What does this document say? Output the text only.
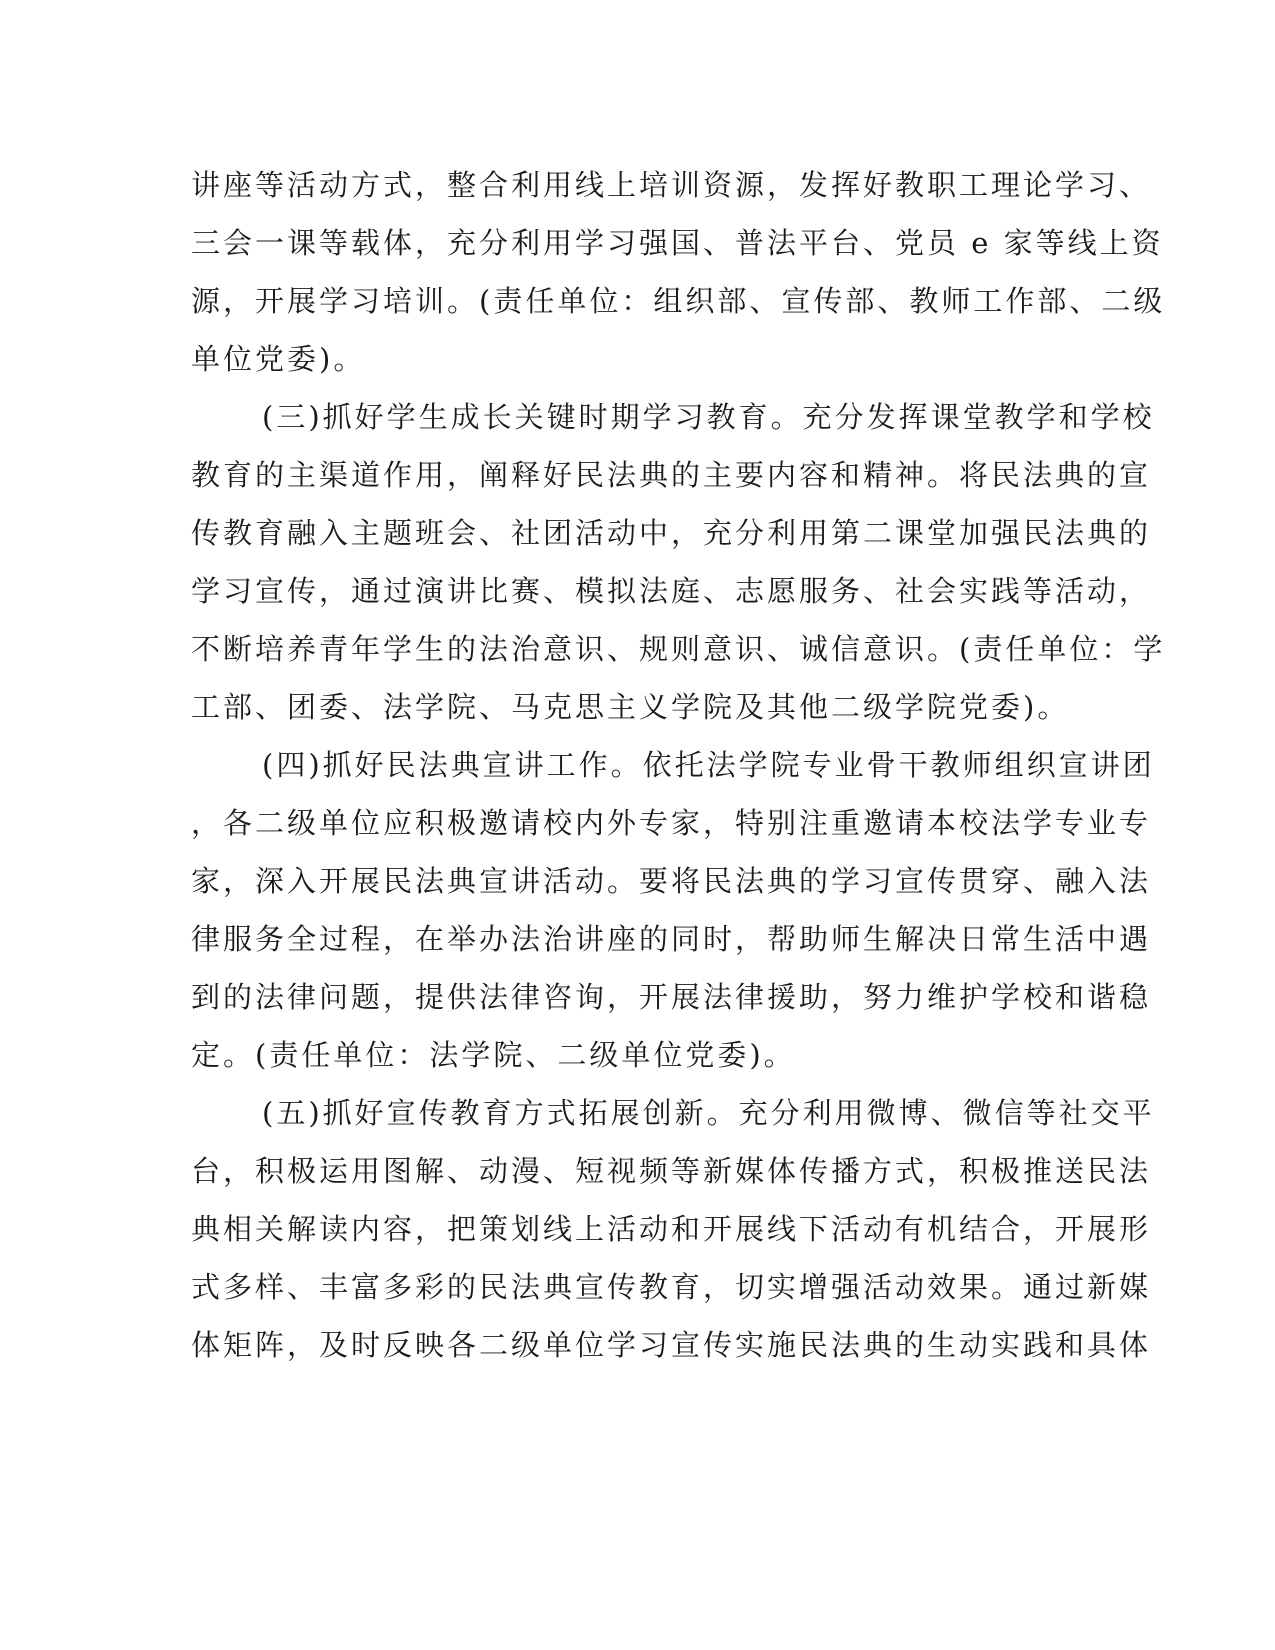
讲座等活动方式，整合利用线上培训资源，发挥好教职工理论学习、
三会一课等载体，充分利用学习强国、普法平台、党员 e 家等线上资
源，开展学习培训。(责任单位：组织部、宣传部、教师工作部、二级
单位党委)。
(三)抓好学生成长关键时期学习教育。充分发挥课堂教学和学校
教育的主渠道作用，阐释好民法典的主要内容和精神。将民法典的宣
传教育融入主题班会、社团活动中，充分利用第二课堂加强民法典的
学习宣传，通过演讲比赛、模拟法庭、志愿服务、社会实践等活动，
不断培养青年学生的法治意识、规则意识、诚信意识。(责任单位：学
工部、团委、法学院、马克思主义学院及其他二级学院党委)。
(四)抓好民法典宣讲工作。依托法学院专业骨干教师组织宣讲团
，各二级单位应积极邀请校内外专家，特别注重邀请本校法学专业专
家，深入开展民法典宣讲活动。要将民法典的学习宣传贯穿、融入法
律服务全过程，在举办法治讲座的同时，帮助师生解决日常生活中遇
到的法律问题，提供法律咨询，开展法律援助，努力维护学校和谐稳
定。(责任单位：法学院、二级单位党委)。
(五)抓好宣传教育方式拓展创新。充分利用微博、微信等社交平
台，积极运用图解、动漫、短视频等新媒体传播方式，积极推送民法
典相关解读内容，把策划线上活动和开展线下活动有机结合，开展形
式多样、丰富多彩的民法典宣传教育，切实增强活动效果。通过新媒
体矩阵，及时反映各二级单位学习宣传实施民法典的生动实践和具体
